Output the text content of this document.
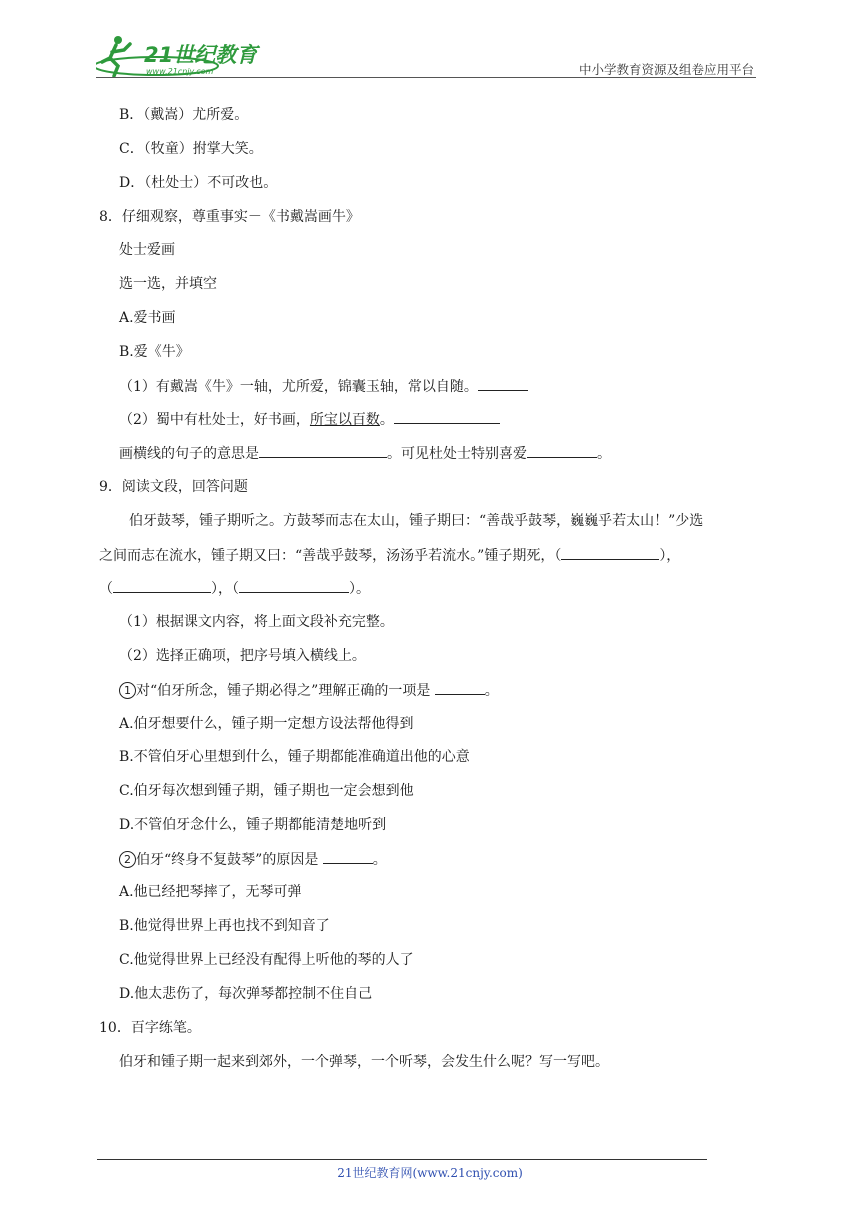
21世纪教育
www.21cnjy.com	中小学教育资源及组卷应用平台
B．（戴嵩）尤所爱。
C．（牧童）拊掌大笑。
D．（杜处士）不可改也。
8．仔细观察，尊重事实－《书戴嵩画牛》
处士爱画
选一选，并填空
A.爱书画
B.爱《牛》
（1）有戴嵩《牛》一轴，尤所爱，锦囊玉轴，常以自随。
（2）蜀中有杜处士，好书画，所宝以百数。
画横线的句子的意思是	。可见杜处士特别喜爱	。
9．阅读文段，回答问题
伯牙鼓琴，锺子期听之。方鼓琴而志在太山，锺子期曰：“善哉乎鼓琴，巍巍乎若太山！”少选
之间而志在流水，锺子期又曰：“善哉乎鼓琴，汤汤乎若流水。”锺子期死，（	），
（	），（	）。
（1）根据课文内容，将上面文段补充完整。
（2）选择正确项，把序号填入横线上。
1 对“伯牙所念，锺子期必得之”理解正确的一项是	。
A.伯牙想要什么，锺子期一定想方设法帮他得到
B.不管伯牙心里想到什么，锺子期都能准确道出他的心意
C.伯牙每次想到锺子期，锺子期也一定会想到他
D.不管伯牙念什么，锺子期都能清楚地听到
2 伯牙“终身不复鼓琴”的原因是	。
A.他已经把琴摔了，无琴可弹
B.他觉得世界上再也找不到知音了
C.他觉得世界上已经没有配得上听他的琴的人了
D.他太悲伤了，每次弹琴都控制不住自己
10．百字练笔。
伯牙和锺子期一起来到郊外，一个弹琴，一个听琴，会发生什么呢？写一写吧。
21世纪教育网(www.21cnjy.com)
